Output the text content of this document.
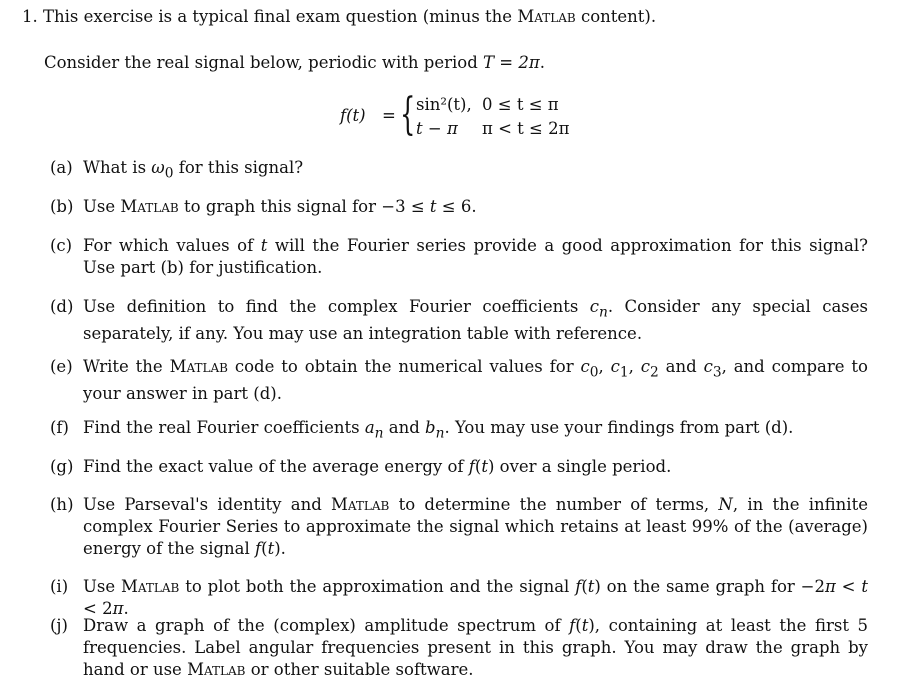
1. This exercise is a typical final exam question (minus the Matlab content).
Consider the real signal below, periodic with period T = 2π.
f(t) = { sin²(t), 0 ≤ t ≤ π
t − π π < t ≤ 2π
(a) What is $\omega_0$ for this signal?
(b) Use Matlab to graph this signal for −3 ≤ t ≤ 6.
(c) For which values of t will the Fourier series provide a good approximation for this signal? Use part (b) for justification.
(d) Use definition to find the complex Fourier coefficients $c_n$. Consider any special cases separately, if any. You may use an integration table with reference.
(e) Write the Matlab code to obtain the numerical values for $c_0$, $c_1$, $c_2$ and $c_3$, and compare to your answer in part (d).
(f) Find the real Fourier coefficients $a_n$ and $b_n$. You may use your findings from part (d).
(g) Find the exact value of the average energy of f(t) over a single period.
(h) Use Parseval's identity and Matlab to determine the number of terms, N, in the infinite complex Fourier Series to approximate the signal which retains at least 99% of the (average) energy of the signal f(t).
(i) Use Matlab to plot both the approximation and the signal f(t) on the same graph for −2π < t < 2π.
(j) Draw a graph of the (complex) amplitude spectrum of f(t), containing at least the first 5 frequencies. Label angular frequencies present in this graph. You may draw the graph by hand or use Matlab or other suitable software.
